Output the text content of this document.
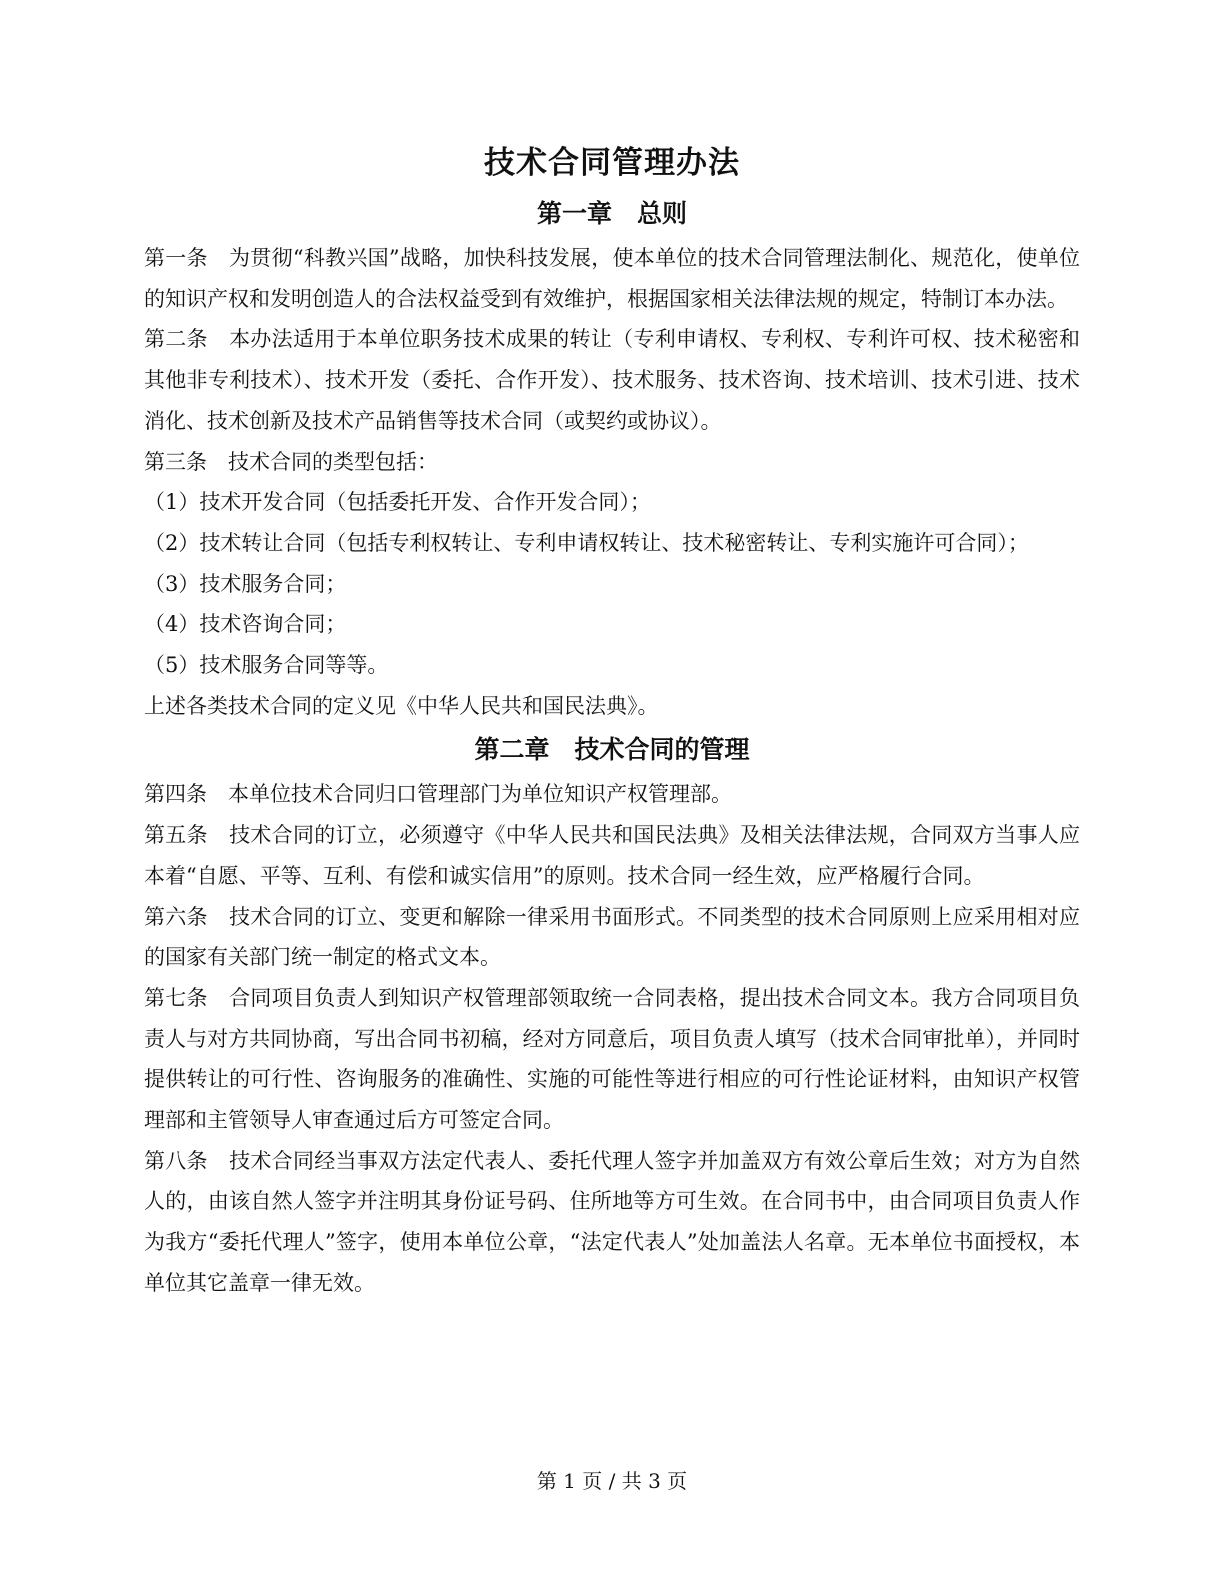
技术合同管理办法
第一章　总则

第一条　为贯彻“科教兴国”战略，加快科技发展，使本单位的技术合同管理法制化、规范化，使单位的知识产权和发明创造人的合法权益受到有效维护，根据国家相关法律法规的规定，特制订本办法。

第二条　本办法适用于本单位职务技术成果的转让（专利申请权、专利权、专利许可权、技术秘密和其他非专利技术）、技术开发（委托、合作开发）、技术服务、技术咨询、技术培训、技术引进、技术消化、技术创新及技术产品销售等技术合同（或契约或协议）。

第三条　技术合同的类型包括：

（1）技术开发合同（包括委托开发、合作开发合同）；

（2）技术转让合同（包括专利权转让、专利申请权转让、技术秘密转让、专利实施许可合同）；

（3）技术服务合同；

（4）技术咨询合同；

（5）技术服务合同等等。

上述各类技术合同的定义见《中华人民共和国民法典》。

第二章　技术合同的管理

第四条　本单位技术合同归口管理部门为单位知识产权管理部。

第五条　技术合同的订立，必须遵守《中华人民共和国民法典》及相关法律法规，合同双方当事人应本着“自愿、平等、互利、有偿和诚实信用”的原则。技术合同一经生效，应严格履行合同。

第六条　技术合同的订立、变更和解除一律采用书面形式。不同类型的技术合同原则上应采用相对应的国家有关部门统一制定的格式文本。

第七条　合同项目负责人到知识产权管理部领取统一合同表格，提出技术合同文本。我方合同项目负责人与对方共同协商，写出合同书初稿，经对方同意后，项目负责人填写（技术合同审批单），并同时提供转让的可行性、咨询服务的准确性、实施的可能性等进行相应的可行性论证材料，由知识产权管理部和主管领导人审查通过后方可签定合同。

第八条　技术合同经当事双方法定代表人、委托代理人签字并加盖双方有效公章后生效；对方为自然人的，由该自然人签字并注明其身份证号码、住所地等方可生效。在合同书中，由合同项目负责人作为我方“委托代理人”签字，使用本单位公章，“法定代表人”处加盖法人名章。无本单位书面授权，本单位其它盖章一律无效。

第 1 页 / 共 3 页
